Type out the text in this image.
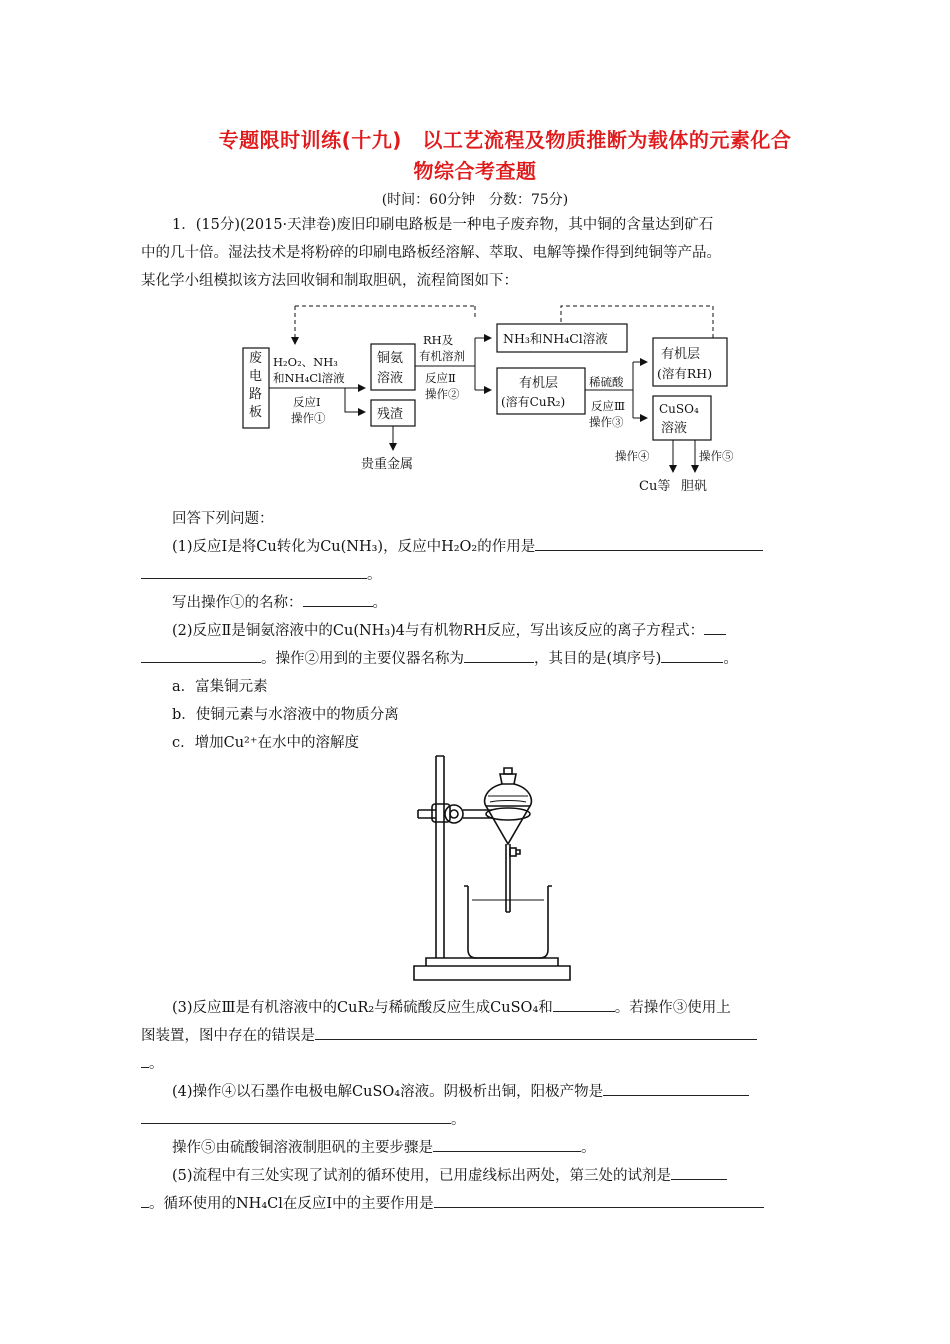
专题限时训练(十九)　以工艺流程及物质推断为载体的元素化合
物综合考查题
(时间：60分钟　分数：75分)
1．(15分)(2015·天津卷)废旧印刷电路板是一种电子废弃物，其中铜的含量达到矿石
中的几十倍。湿法技术是将粉碎的印刷电路板经溶解、萃取、电解等操作得到纯铜等产品。
某化学小组模拟该方法回收铜和制取胆矾，流程简图如下：
废
电
路
板
H₂O₂、NH₃
和NH₄Cl溶液
反应Ⅰ
操作①
铜氨
溶液
残渣
贵重金属
RH及
有机溶剂
反应Ⅱ
操作②
NH₃和NH₄Cl溶液
有机层
(溶有CuR₂)
稀硫酸
反应Ⅲ
操作③
有机层
(溶有RH)
CuSO₄
溶液
操作④	操作⑤
Cu等 胆矾
回答下列问题：
(1)反应Ⅰ是将Cu转化为Cu(NH₃)，反应中H₂O₂的作用是
。
写出操作①的名称：	。
(2)反应Ⅱ是铜氨溶液中的Cu(NH₃)4与有机物RH反应，写出该反应的离子方程式：
。操作②用到的主要仪器名称为	，其目的是(填序号)	。
a．富集铜元素
b．使铜元素与水溶液中的物质分离
c．增加Cu²⁺在水中的溶解度
(3)反应Ⅲ是有机溶液中的CuR₂与稀硫酸反应生成CuSO₄和	。若操作③使用上
图装置，图中存在的错误是
。
(4)操作④以石墨作电极电解CuSO₄溶液。阴极析出铜，阳极产物是
。
操作⑤由硫酸铜溶液制胆矾的主要步骤是	。
(5)流程中有三处实现了试剂的循环使用，已用虚线标出两处，第三处的试剂是
。循环使用的NH₄Cl在反应Ⅰ中的主要作用是
